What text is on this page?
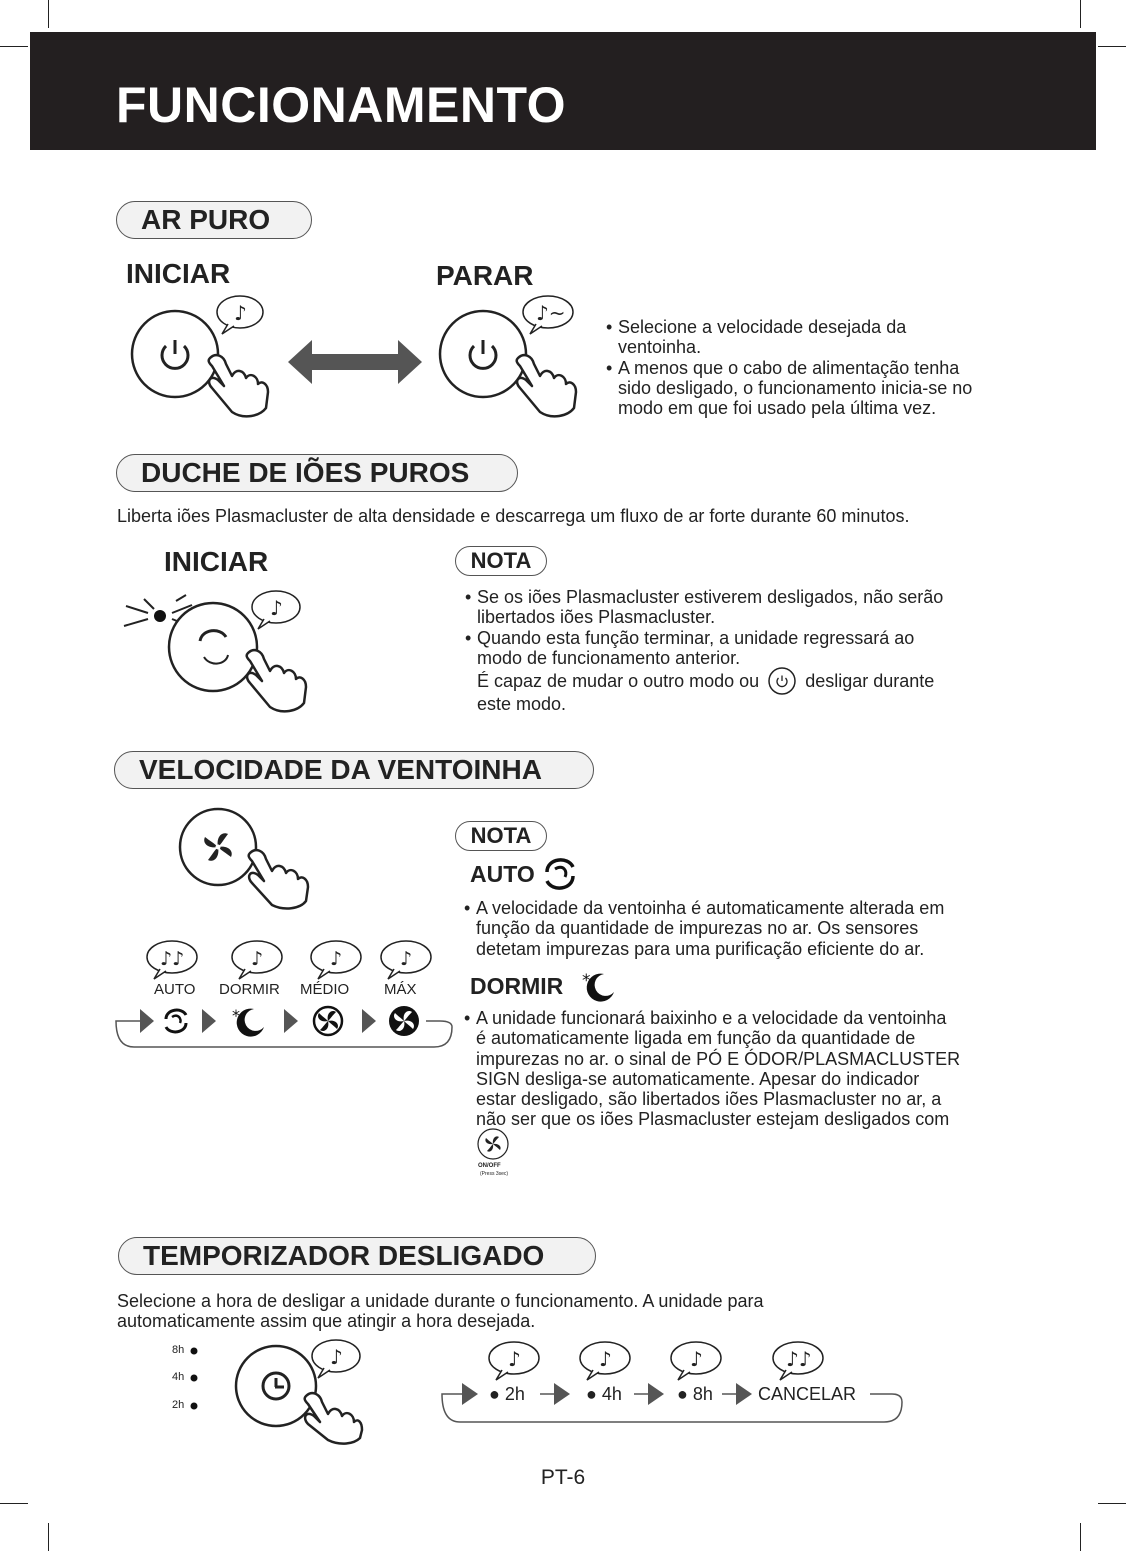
FUNCIONAMENTO
AR PURO
INICIAR	PARAR
♪	♪~
• Selecione a velocidade desejada da
ventoinha.
• A menos que o cabo de alimentação tenha
sido desligado, o funcionamento inicia-se no
modo em que foi usado pela última vez.
DUCHE DE IÕES PUROS
Liberta iões Plasmacluster de alta densidade e descarrega um fluxo de ar forte durante 60 minutos.
INICIAR
♪
NOTA
• Se os iões Plasmacluster estiverem desligados, não serão
libertados iões Plasmacluster.
• Quando esta função terminar, a unidade regressará ao
modo de funcionamento anterior.
É capaz de mudar o outro modo ou	desligar durante
este modo.
VELOCIDADE DA VENTOINHA
♪♪	♪	♪	♪
AUTO DORMIR MÉDIO MÁX
*
NOTA
AUTO
• A velocidade da ventoinha é automaticamente alterada em
função da quantidade de impurezas no ar. Os sensores
detetam impurezas para uma purificação eficiente do ar.
DORMIR *
• A unidade funcionará baixinho e a velocidade da ventoinha
é automaticamente ligada em função da quantidade de
impurezas no ar. o sinal de PÓ E ÓDOR/PLASMACLUSTER
SIGN desliga-se automaticamente. Apesar do indicador
estar desligado, são libertados iões Plasmacluster no ar, a
não ser que os iões Plasmacluster estejam desligados com
ON/OFF
(Press 3sec)
TEMPORIZADOR DESLIGADO
Selecione a hora de desligar a unidade durante o funcionamento. A unidade para
automaticamente assim que atingir a hora desejada.
8h
4h
2h
♪	♪	♪	♪	♪♪
● 2h	● 4h	● 8h	CANCELAR
PT-6
